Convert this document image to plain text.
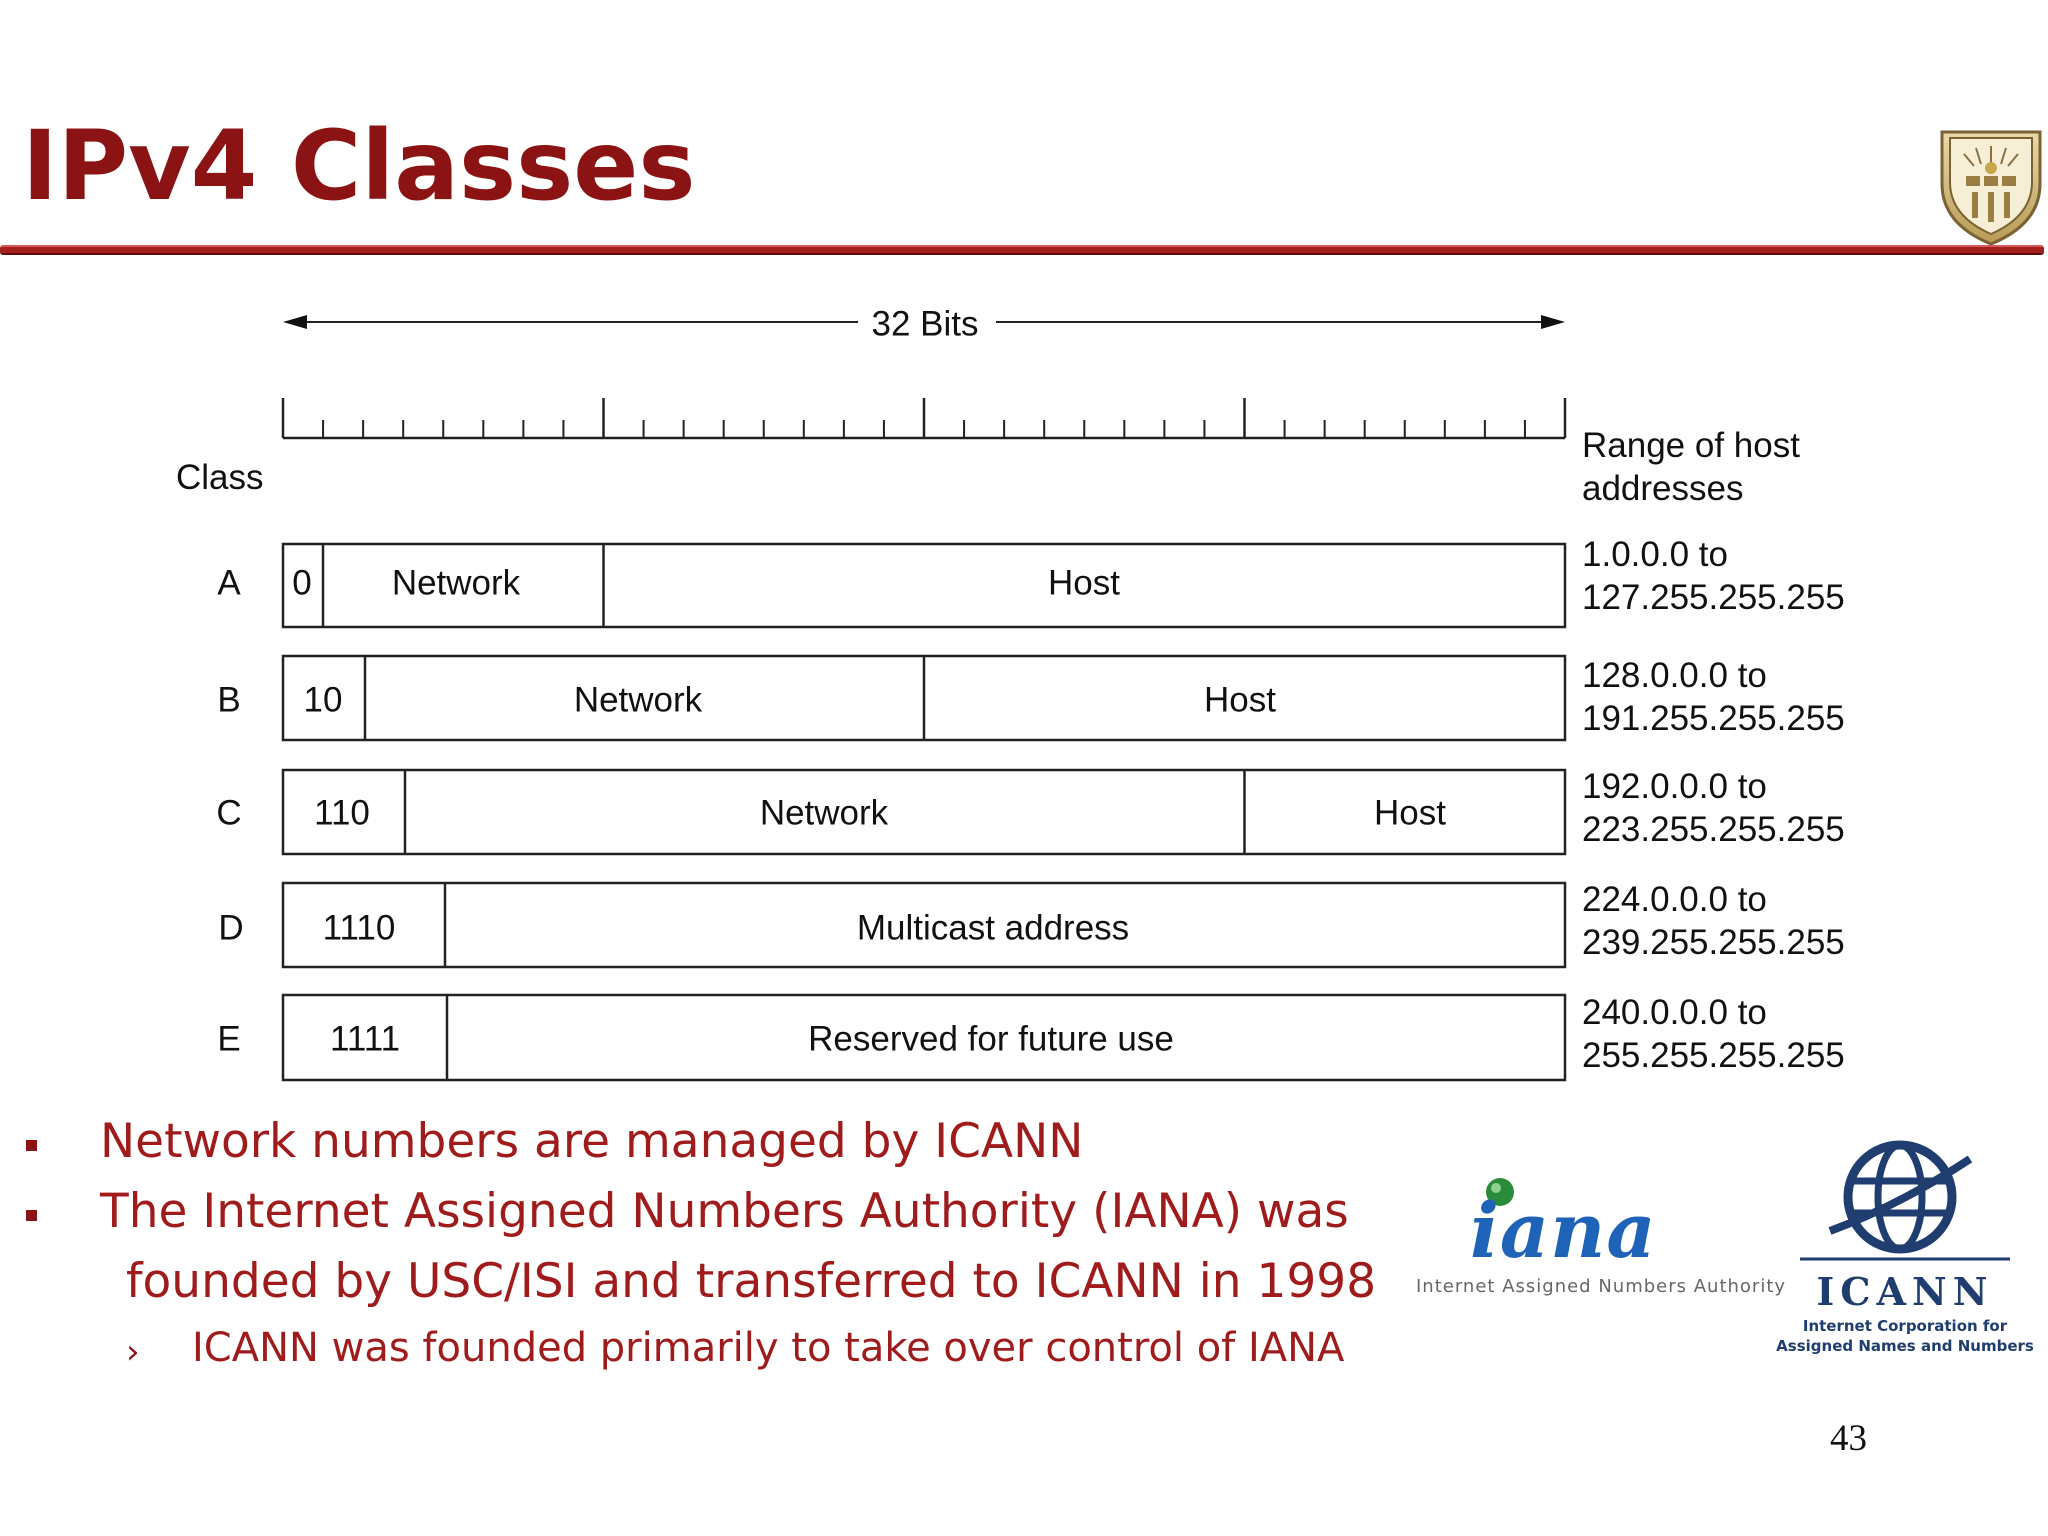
IPv4 Classes
32 Bits
Class
Range of host
addresses
A 0 Network	Host
1.0.0.0 to
127.255.255.255
B 10	Network	Host
128.0.0.0 to
191.255.255.255
C 110	Network	Host
192.0.0.0 to
223.255.255.255
D 1110	Multicast address
224.0.0.0 to
239.255.255.255
E	1111	Reserved for future use
240.0.0.0 to
255.255.255.255
Network numbers are managed by ICANN
The Internet Assigned Numbers Authority (IANA) was
founded by USC/ISI and transferred to ICANN in 1998
› ICANN was founded primarily to take over control of IANA
iana
Internet Assigned Numbers Authority ICANN
Internet Corporation for
Assigned Names and Numbers
43
